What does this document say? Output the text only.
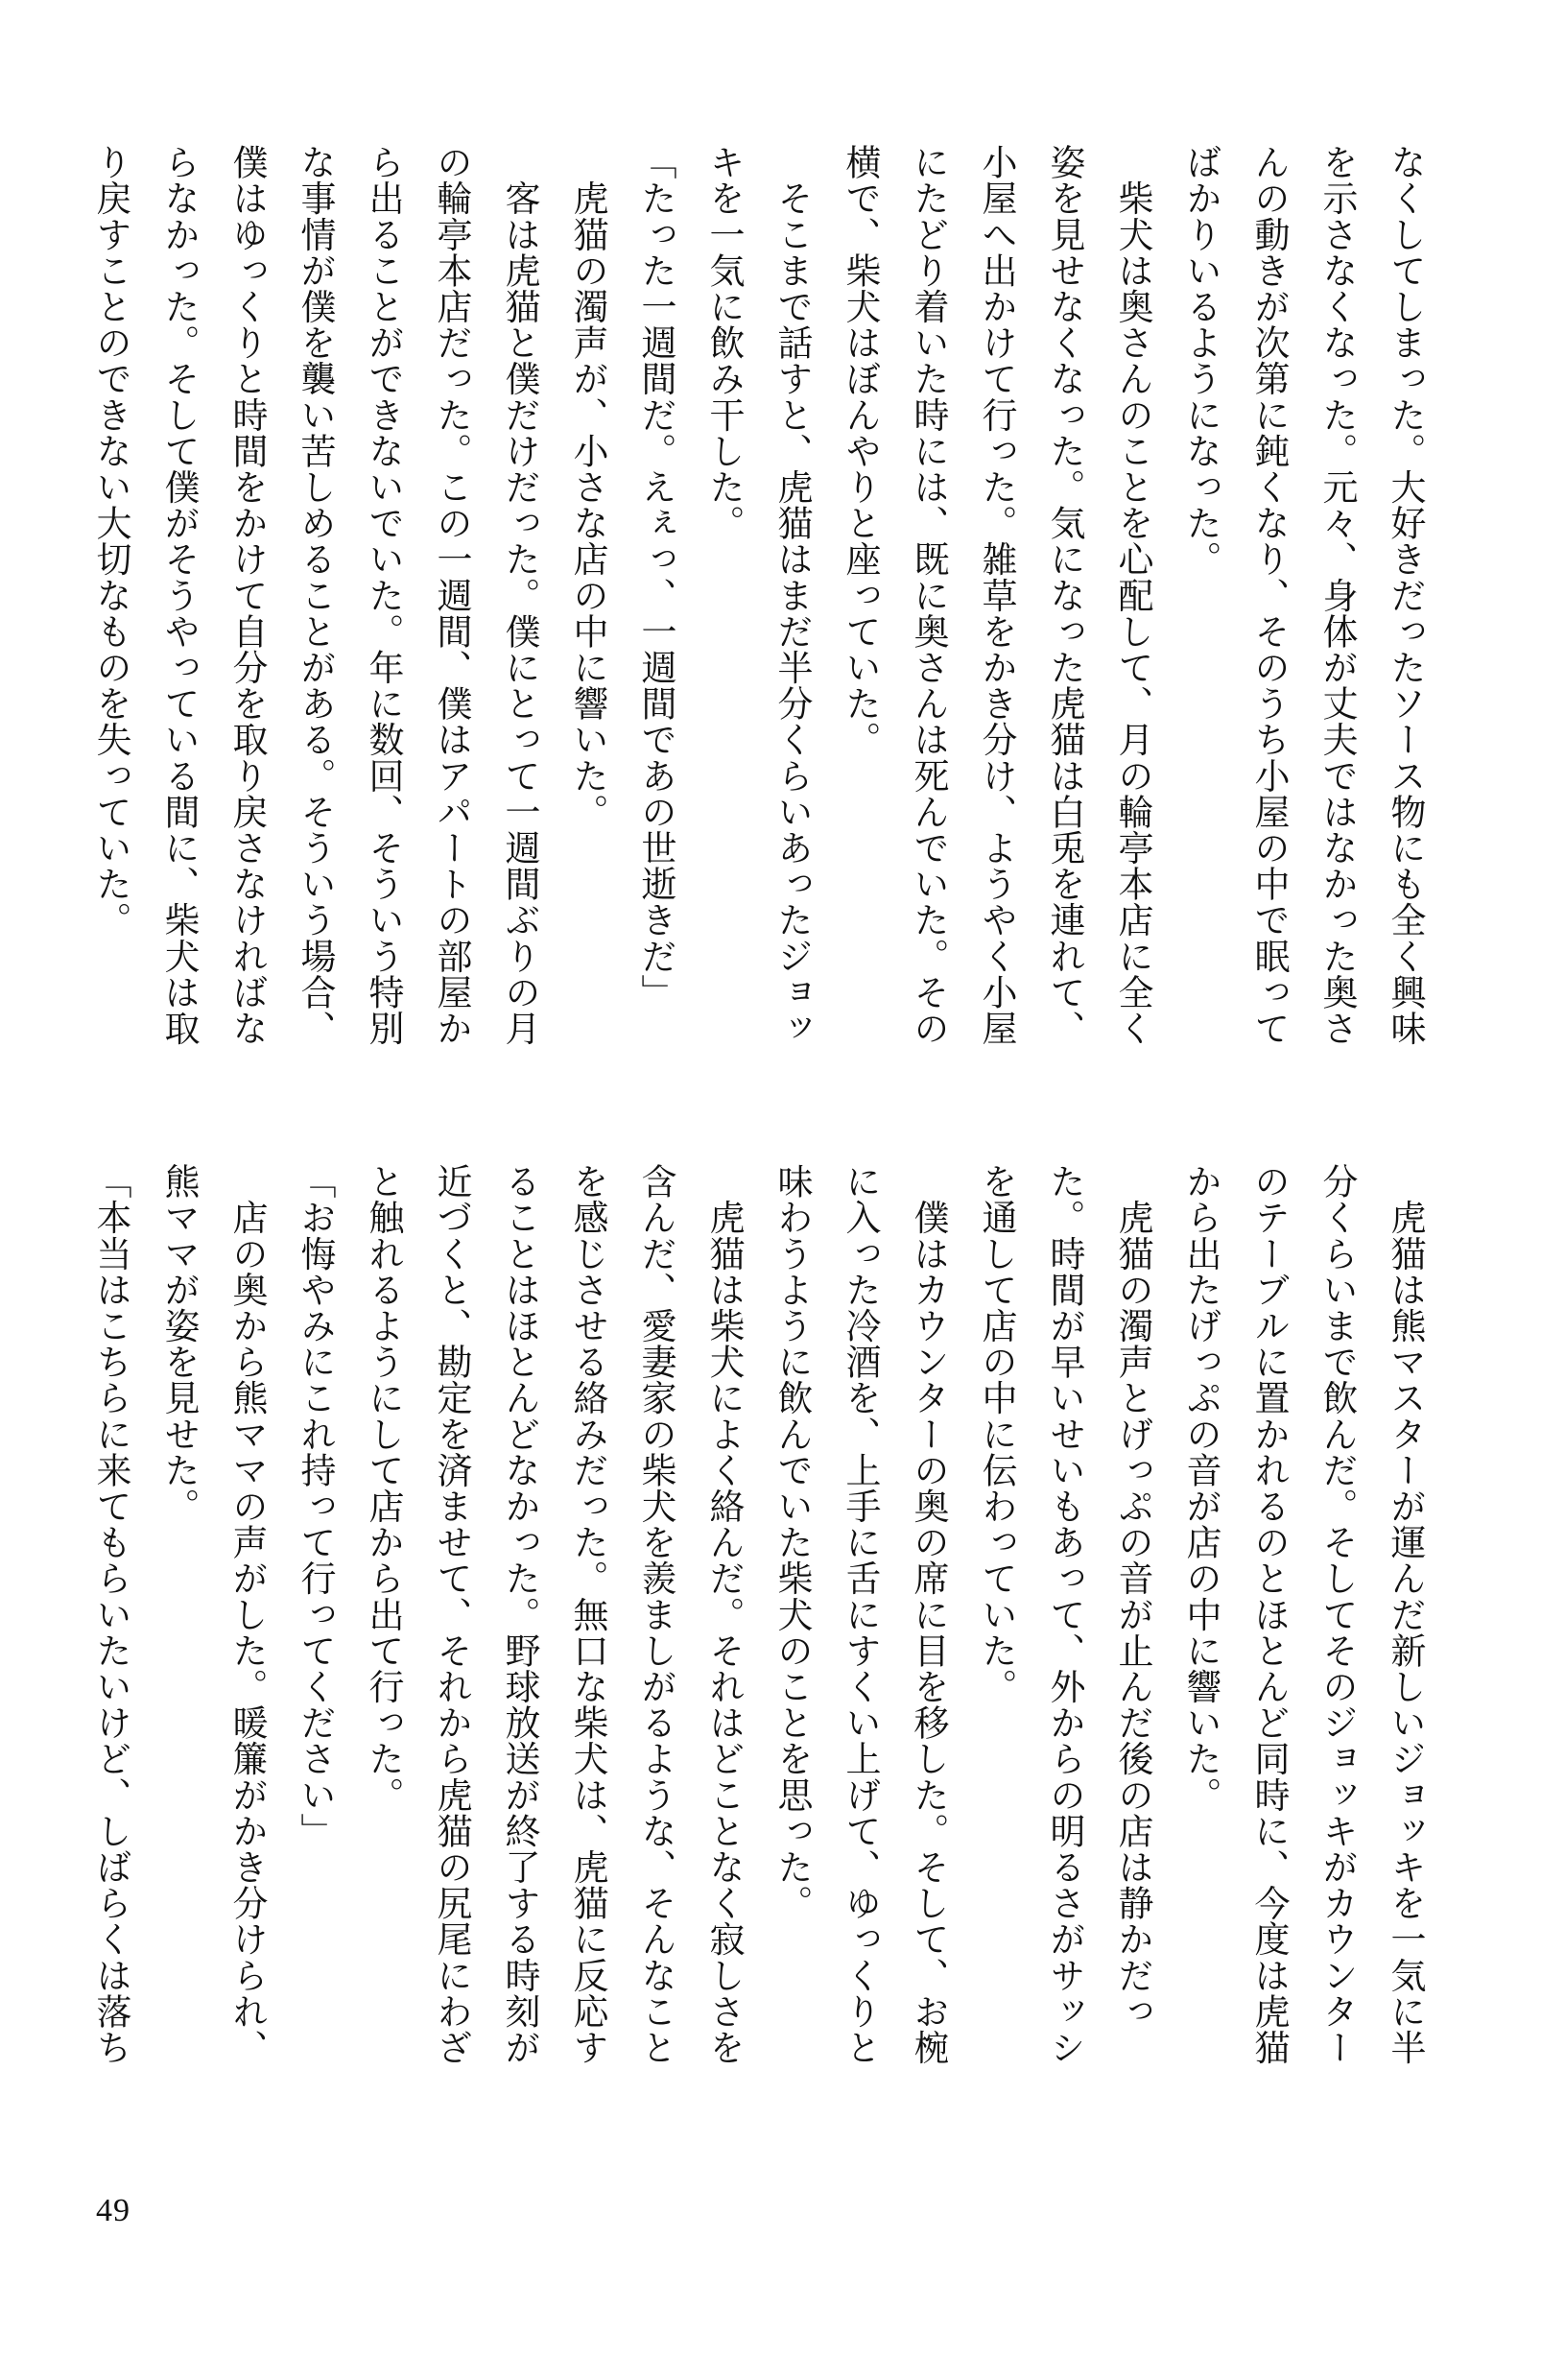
なくしてしまった。大好きだったソース物にも全く興味
を示さなくなった。元々、身体が丈夫ではなかった奥さ
んの動きが次第に鈍くなり、そのうち小屋の中で眠って
ばかりいるようになった。
　柴犬は奥さんのことを心配して、月の輪亭本店に全く
姿を見せなくなった。気になった虎猫は白兎を連れて、
小屋へ出かけて行った。雑草をかき分け、ようやく小屋
にたどり着いた時には、既に奥さんは死んでいた。その
横で、柴犬はぼんやりと座っていた。
　そこまで話すと、虎猫はまだ半分くらいあったジョッ
キを一気に飲み干した。
「たった一週間だ。えぇっ、一週間であの世逝きだ」
　虎猫の濁声が、小さな店の中に響いた。
　客は虎猫と僕だけだった。僕にとって一週間ぶりの月
の輪亭本店だった。この一週間、僕はアパートの部屋か
ら出ることができないでいた。年に数回、そういう特別
な事情が僕を襲い苦しめることがある。そういう場合、
僕はゆっくりと時間をかけて自分を取り戻さなければな
らなかった。そして僕がそうやっている間に、柴犬は取
り戻すことのできない大切なものを失っていた。
　虎猫は熊マスターが運んだ新しいジョッキを一気に半
分くらいまで飲んだ。そしてそのジョッキがカウンター
のテーブルに置かれるのとほとんど同時に、今度は虎猫
から出たげっぷの音が店の中に響いた。
　虎猫の濁声とげっぷの音が止んだ後の店は静かだっ
た。時間が早いせいもあって、外からの明るさがサッシ
を通して店の中に伝わっていた。
　僕はカウンターの奥の席に目を移した。そして、お椀
に入った冷酒を、上手に舌にすくい上げて、ゆっくりと
味わうように飲んでいた柴犬のことを思った。
　虎猫は柴犬によく絡んだ。それはどことなく寂しさを
含んだ、愛妻家の柴犬を羨ましがるような、そんなこと
を感じさせる絡みだった。無口な柴犬は、虎猫に反応す
ることはほとんどなかった。野球放送が終了する時刻が
近づくと、勘定を済ませて、それから虎猫の尻尾にわざ
と触れるようにして店から出て行った。
「お悔やみにこれ持って行ってください」
　店の奥から熊ママの声がした。暖簾がかき分けられ、
熊ママが姿を見せた。
「本当はこちらに来てもらいたいけど、しばらくは落ち
49
